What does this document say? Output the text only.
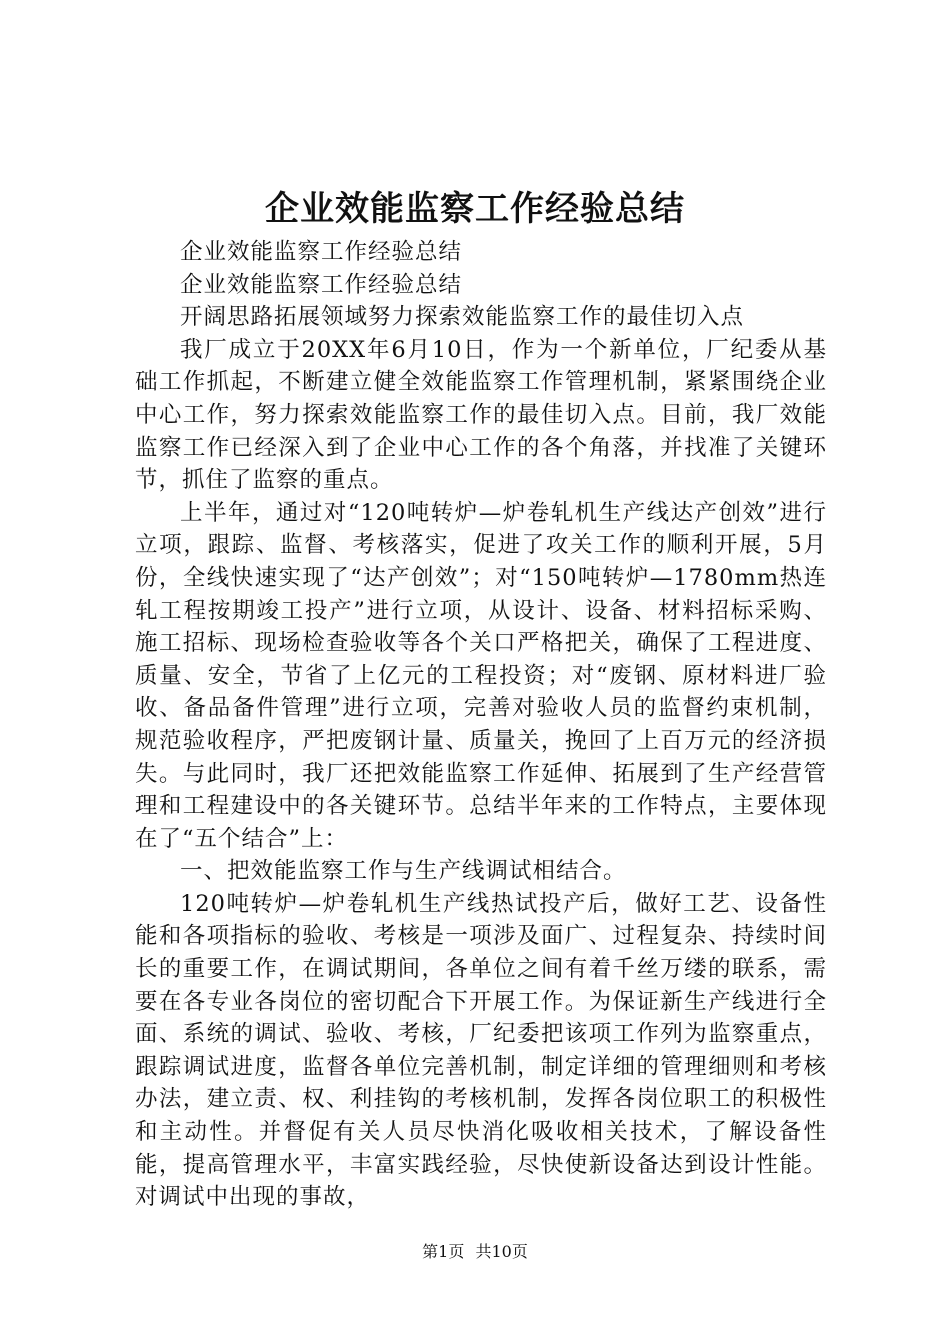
企业效能监察工作经验总结

企业效能监察工作经验总结

企业效能监察工作经验总结

开阔思路拓展领域努力探索效能监察工作的最佳切入点

我厂成立于20XX年6月10日，作为一个新单位，厂纪委从基础工作抓起，不断建立健全效能监察工作管理机制，紧紧围绕企业中心工作，努力探索效能监察工作的最佳切入点。目前，我厂效能监察工作已经深入到了企业中心工作的各个角落，并找准了关键环节，抓住了监察的重点。

上半年，通过对“120吨转炉—炉卷轧机生产线达产创效”进行立项，跟踪、监督、考核落实，促进了攻关工作的顺利开展，5月份，全线快速实现了“达产创效”；对“150吨转炉—1780mm热连轧工程按期竣工投产”进行立项，从设计、设备、材料招标采购、施工招标、现场检查验收等各个关口严格把关，确保了工程进度、质量、安全，节省了上亿元的工程投资；对“废钢、原材料进厂验收、备品备件管理”进行立项，完善对验收人员的监督约束机制，规范验收程序，严把废钢计量、质量关，挽回了上百万元的经济损失。与此同时，我厂还把效能监察工作延伸、拓展到了生产经营管理和工程建设中的各关键环节。总结半年来的工作特点，主要体现在了“五个结合”上：

一、把效能监察工作与生产线调试相结合。

120吨转炉—炉卷轧机生产线热试投产后，做好工艺、设备性能和各项指标的验收、考核是一项涉及面广、过程复杂、持续时间长的重要工作，在调试期间，各单位之间有着千丝万缕的联系，需要在各专业各岗位的密切配合下开展工作。为保证新生产线进行全面、系统的调试、验收、考核，厂纪委把该项工作列为监察重点，跟踪调试进度，监督各单位完善机制，制定详细的管理细则和考核办法，建立责、权、利挂钩的考核机制，发挥各岗位职工的积极性和主动性。并督促有关人员尽快消化吸收相关技术，了解设备性能，提高管理水平，丰富实践经验，尽快使新设备达到设计性能。对调试中出现的事故，

第1页 共10页
